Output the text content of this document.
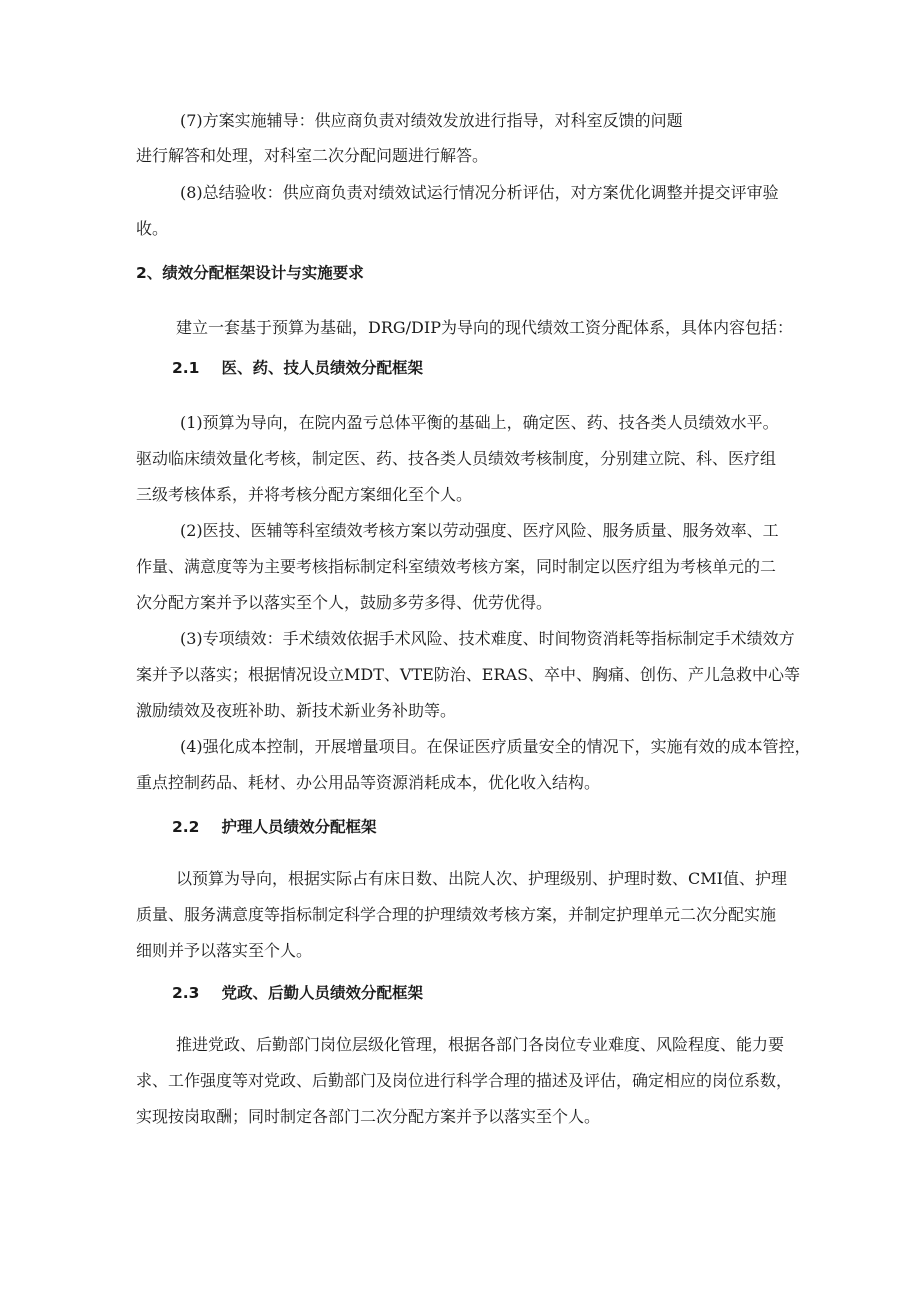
(7)方案实施辅导：供应商负责对绩效发放进行指导，对科室反馈的问题
进行解答和处理，对科室二次分配问题进行解答。
(8)总结验收：供应商负责对绩效试运行情况分析评估，对方案优化调整并提交评审验
收。
2、绩效分配框架设计与实施要求
建立一套基于预算为基础，DRG/DIP为导向的现代绩效工资分配体系，具体内容包括：
2.1 医、药、技人员绩效分配框架
(1)预算为导向，在院内盈亏总体平衡的基础上，确定医、药、技各类人员绩效水平。
驱动临床绩效量化考核，制定医、药、技各类人员绩效考核制度，分别建立院、科、医疗组
三级考核体系，并将考核分配方案细化至个人。
(2)医技、医辅等科室绩效考核方案以劳动强度、医疗风险、服务质量、服务效率、工
作量、满意度等为主要考核指标制定科室绩效考核方案，同时制定以医疗组为考核单元的二
次分配方案并予以落实至个人，鼓励多劳多得、优劳优得。
(3)专项绩效：手术绩效依据手术风险、技术难度、时间物资消耗等指标制定手术绩效方
案并予以落实；根据情况设立MDT、VTE防治、ERAS、卒中、胸痛、创伤、产儿急救中心等
激励绩效及夜班补助、新技术新业务补助等。
(4)强化成本控制，开展增量项目。在保证医疗质量安全的情况下，实施有效的成本管控，
重点控制药品、耗材、办公用品等资源消耗成本，优化收入结构。
2.2 护理人员绩效分配框架
以预算为导向，根据实际占有床日数、出院人次、护理级别、护理时数、CMI值、护理
质量、服务满意度等指标制定科学合理的护理绩效考核方案，并制定护理单元二次分配实施
细则并予以落实至个人。
2.3 党政、后勤人员绩效分配框架
推进党政、后勤部门岗位层级化管理，根据各部门各岗位专业难度、风险程度、能力要
求、工作强度等对党政、后勤部门及岗位进行科学合理的描述及评估，确定相应的岗位系数，
实现按岗取酬；同时制定各部门二次分配方案并予以落实至个人。
